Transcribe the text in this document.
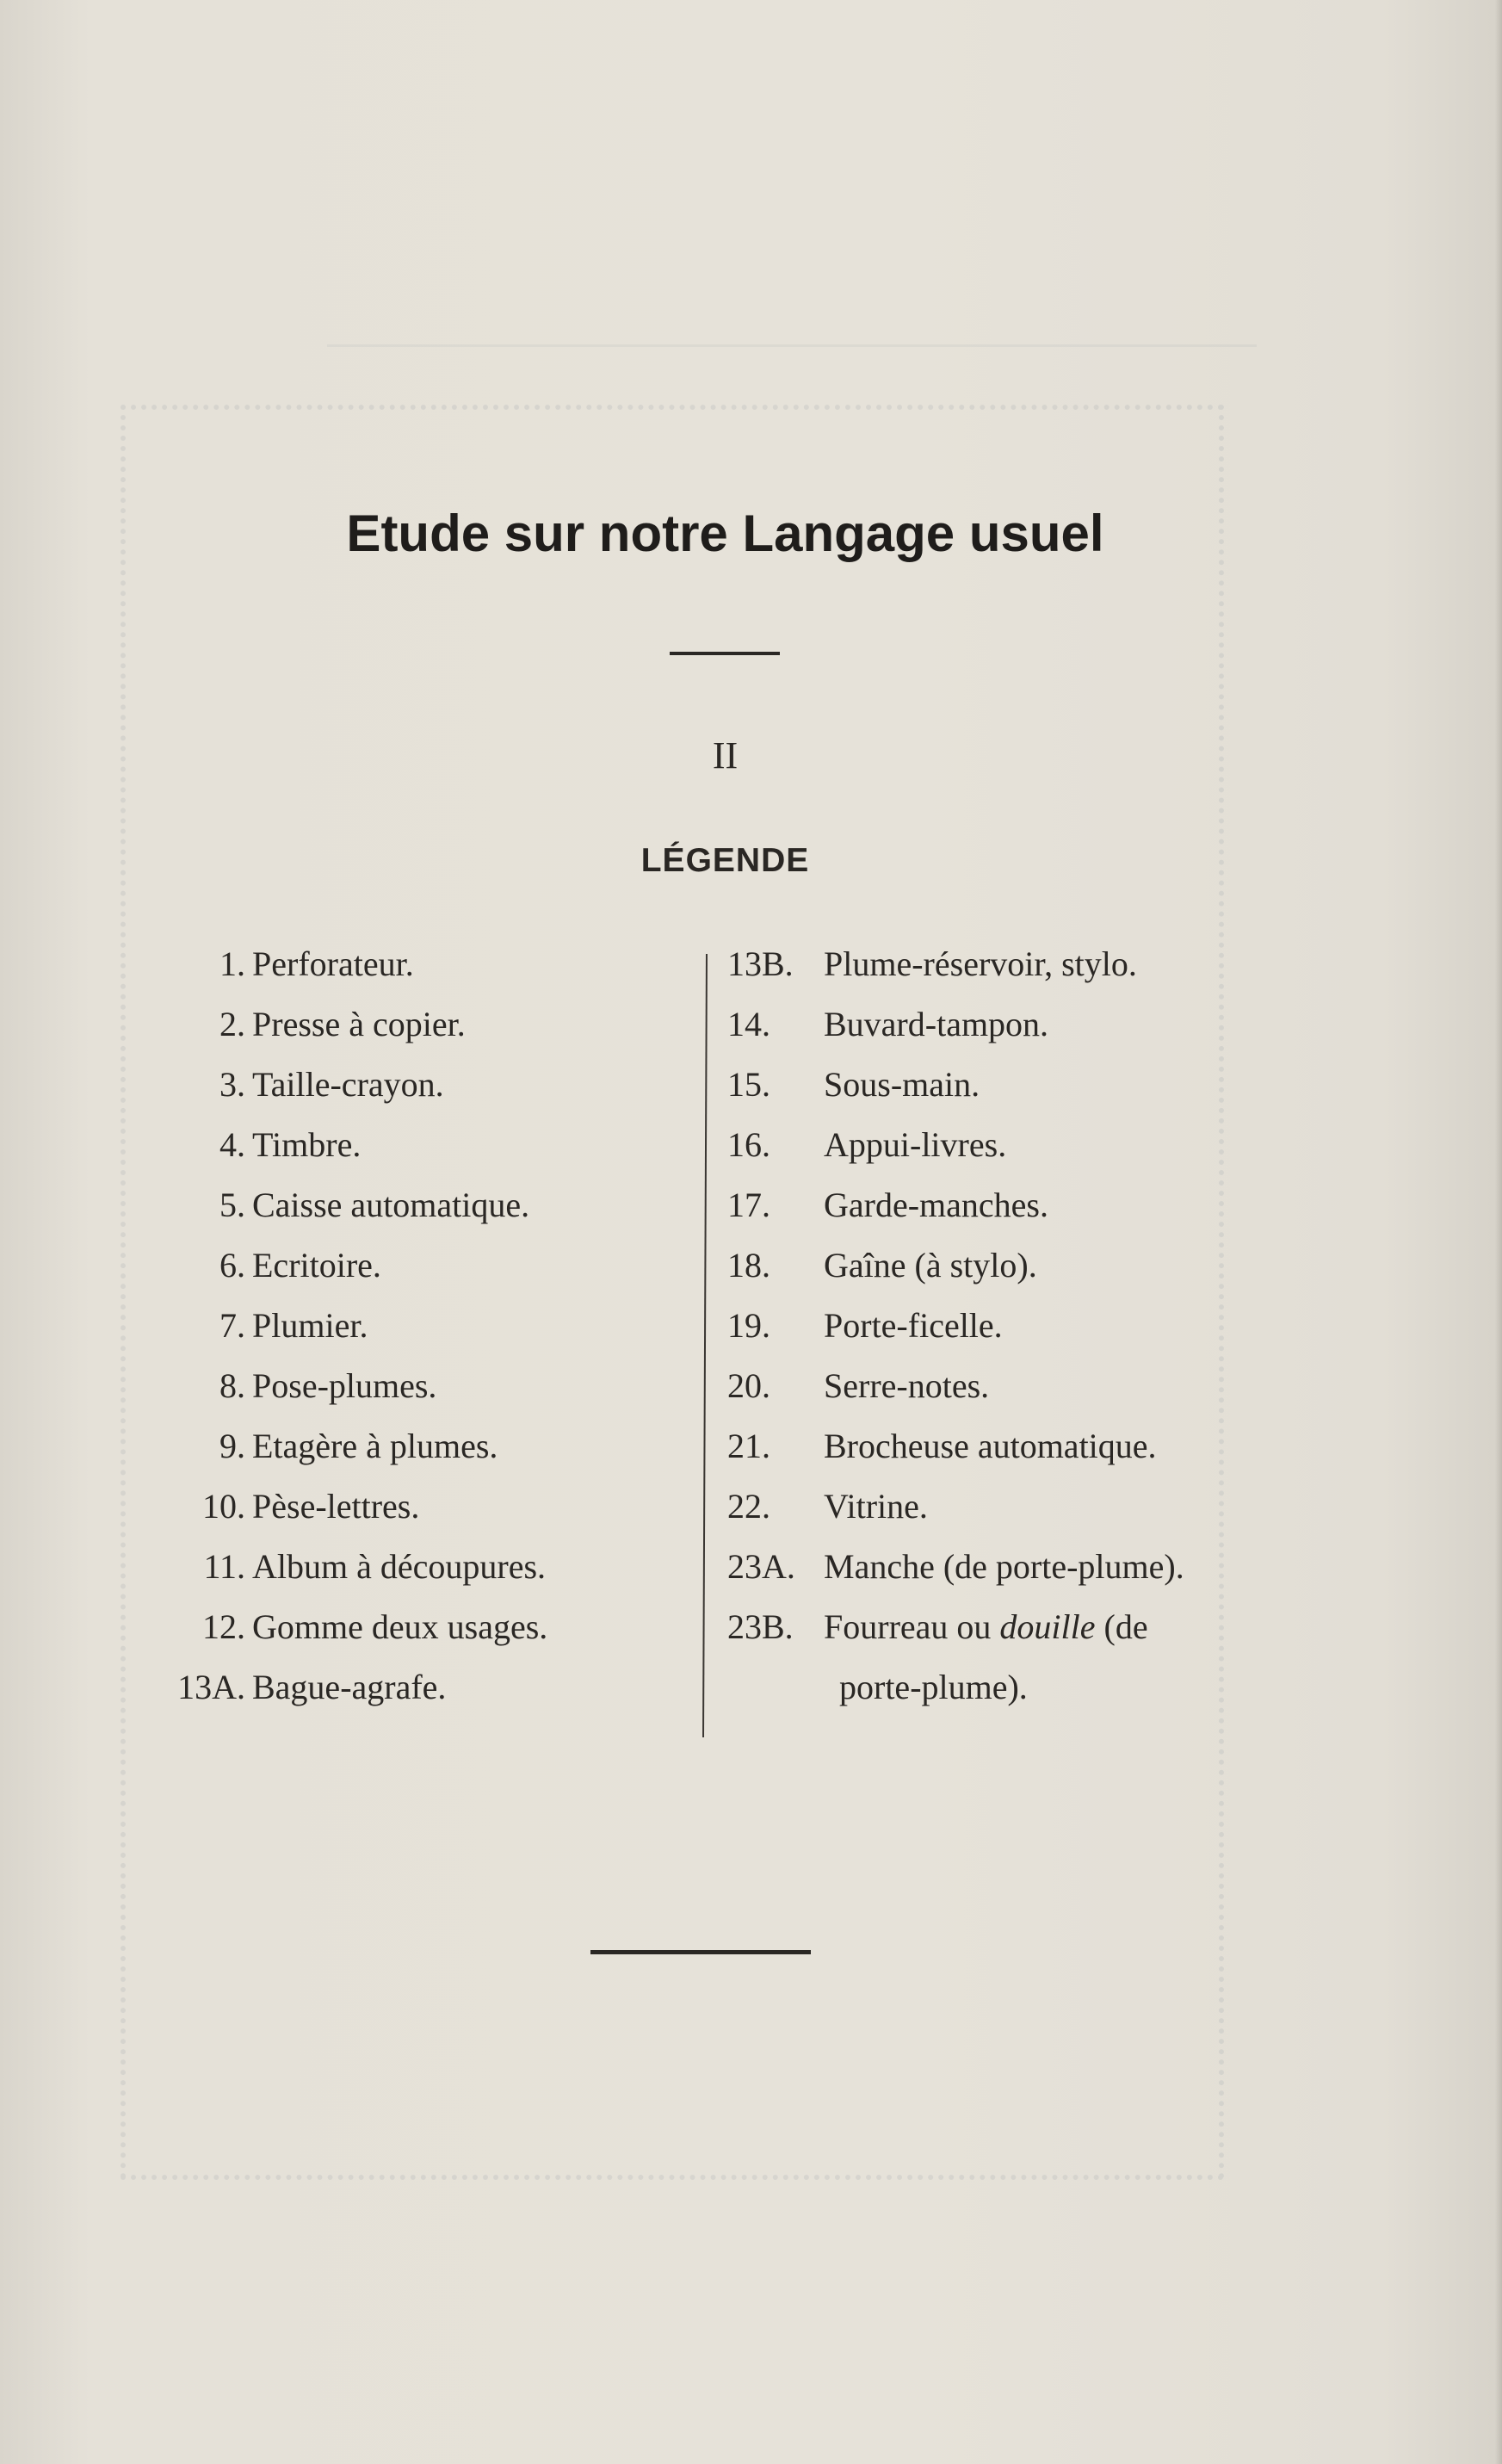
Etude sur notre Langage usuel
II
LÉGENDE
1. Perforateur.
2. Presse à copier.
3. Taille-crayon.
4. Timbre.
5. Caisse automatique.
6. Ecritoire.
7. Plumier.
8. Pose-plumes.
9. Etagère à plumes.
10. Pèse-lettres.
11. Album à découpures.
12. Gomme deux usages.
13A. Bague-agrafe.
13B. Plume-réservoir, stylo.
14.	Buvard-tampon.
15.	Sous-main.
16.	Appui-livres.
17.	Garde-manches.
18.	Gaîne (à stylo).
19.	Porte-ficelle.
20.	Serre-notes.
21.	Brocheuse automatique.
22.	Vitrine.
23A. Manche (de porte-plume).
23B. Fourreau ou douille (de
porte-plume).
